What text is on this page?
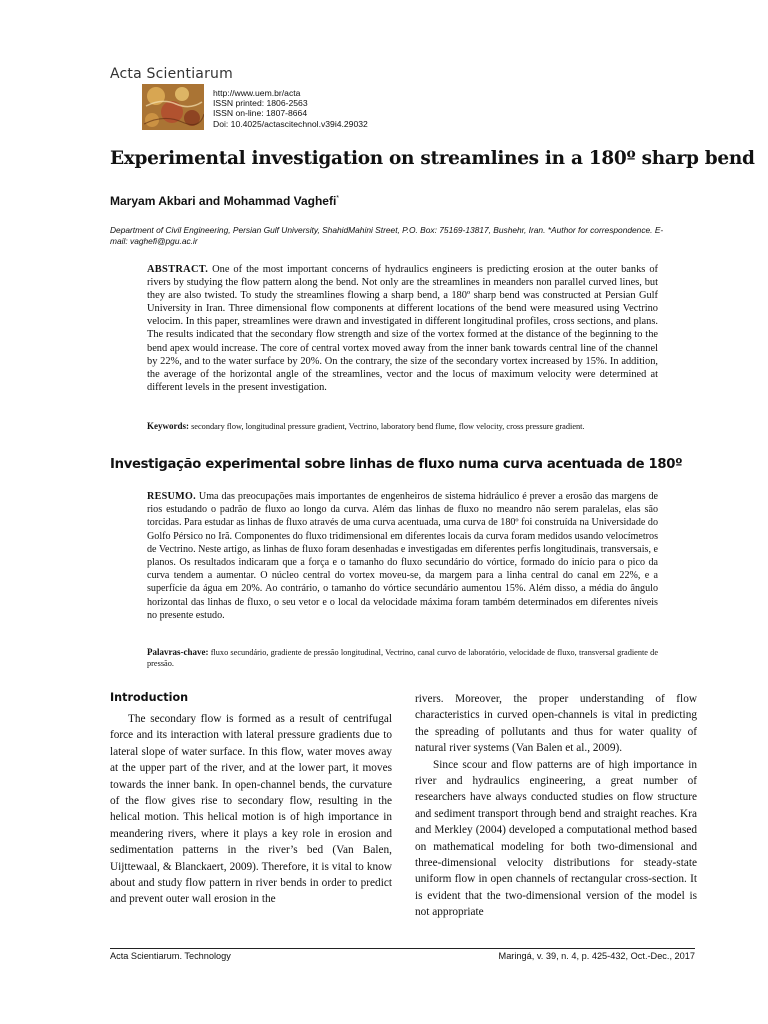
Acta Scientiarum
http://www.uem.br/acta
ISSN printed: 1806-2563
ISSN on-line: 1807-8664
Doi: 10.4025/actascitechnol.v39i4.29032
Experimental investigation on streamlines in a 180º sharp bend
Maryam Akbari and Mohammad Vaghefi*
Department of Civil Engineering, Persian Gulf University, ShahidMahini Street, P.O. Box: 75169-13817, Bushehr, Iran. *Author for correspondence. E-mail: vaghefi@pgu.ac.ir
ABSTRACT. One of the most important concerns of hydraulics engineers is predicting erosion at the outer banks of rivers by studying the flow pattern along the bend. Not only are the streamlines in meanders non parallel curved lines, but they are also twisted. To study the streamlines flowing a sharp bend, a 180º sharp bend was constructed at Persian Gulf University in Iran. Three dimensional flow components at different locations of the bend were measured using Vectrino velocim. In this paper, streamlines were drawn and investigated in different longitudinal profiles, cross sections, and plans. The results indicated that the secondary flow strength and size of the vortex formed at the distance of the beginning to the bend apex would increase. The core of central vortex moved away from the inner bank towards central line of the channel by 22%, and to the water surface by 20%. On the contrary, the size of the secondary vortex increased by 15%. In addition, the average of the horizontal angle of the streamlines, vector and the locus of maximum velocity were determined at different levels in the present investigation.
Keywords: secondary flow, longitudinal pressure gradient, Vectrino, laboratory bend flume, flow velocity, cross pressure gradient.
Investigação experimental sobre linhas de fluxo numa curva acentuada de 180º
RESUMO. Uma das preocupações mais importantes de engenheiros de sistema hidráulico é prever a erosão das margens de rios estudando o padrão de fluxo ao longo da curva. Além das linhas de fluxo no meandro não serem paralelas, elas são torcidas. Para estudar as linhas de fluxo através de uma curva acentuada, uma curva de 180º foi construída na Universidade do Golfo Pérsico no Irã. Componentes do fluxo tridimensional em diferentes locais da curva foram medidos usando velocímetros de Vectrino. Neste artigo, as linhas de fluxo foram desenhadas e investigadas em diferentes perfis longitudinais, transversais, e planos. Os resultados indicaram que a força e o tamanho do fluxo secundário do vórtice, formado do início para o pico da curva tendem a aumentar. O núcleo central do vortex moveu-se, da margem para a linha central do canal em 22%, e a superfície da água em 20%. Ao contrário, o tamanho do vórtice secundário aumentou 15%. Além disso, a média do ângulo horizontal das linhas de fluxo, o seu vetor e o local da velocidade máxima foram também determinados em diferentes níveis no presente estudo.
Palavras-chave: fluxo secundário, gradiente de pressão longitudinal, Vectrino, canal curvo de laboratório, velocidade de fluxo, transversal gradiente de pressão.
Introduction

The secondary flow is formed as a result of centrifugal force and its interaction with lateral pressure gradients due to lateral slope of water surface. In this flow, water moves away at the upper part of the river, and at the lower part, it moves towards the inner bank. In open-channel bends, the curvature of the flow gives rise to secondary flow, resulting in the helical motion. This helical motion is of high importance in meandering rivers, where it plays a key role in erosion and sedimentation patterns in the river’s bed (Van Balen, Uijttewaal, & Blanckaert, 2009). Therefore, it is vital to know about and study flow pattern in river bends in order to predict and prevent outer wall erosion in the

rivers. Moreover, the proper understanding of flow characteristics in curved open-channels is vital in predicting the spreading of pollutants and thus for water quality of natural river systems (Van Balen et al., 2009).

Since scour and flow patterns are of high importance in river and hydraulics engineering, a great number of researchers have always conducted studies on flow structure and sediment transport through bend and straight reaches. Kra and Merkley (2004) developed a computational method based on mathematical modeling for both two-dimensional and three-dimensional velocity distributions for steady-state uniform flow in open channels of rectangular cross-section. It is evident that the two-dimensional version of the model is not appropriate

Acta Scientiarum. Technology	Maringá, v. 39, n. 4, p. 425-432, Oct.-Dec., 2017
